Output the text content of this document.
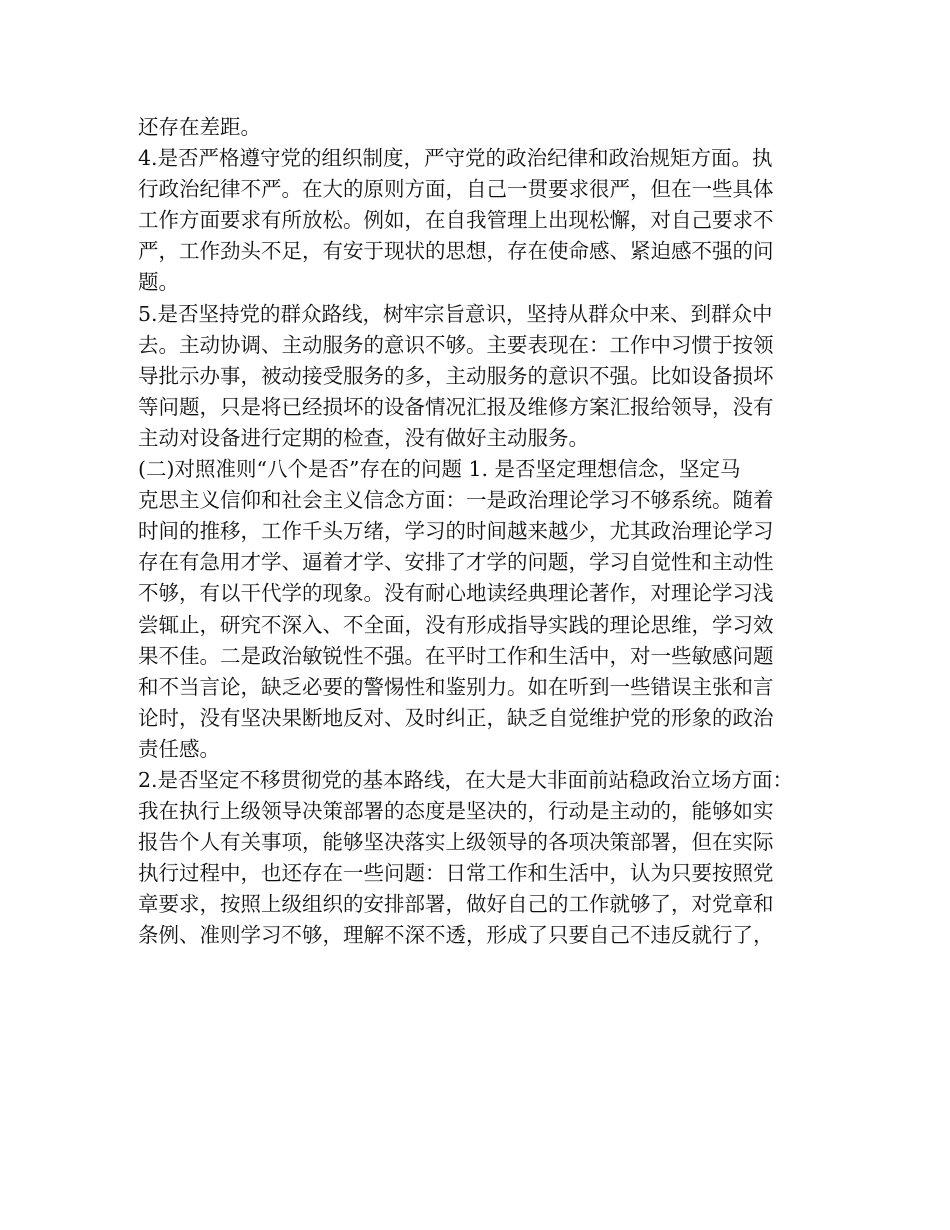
还存在差距。
4.是否严格遵守党的组织制度，严守党的政治纪律和政治规矩方面。执
行政治纪律不严。在大的原则方面，自己一贯要求很严，但在一些具体
工作方面要求有所放松。例如，在自我管理上出现松懈，对自己要求不
严，工作劲头不足，有安于现状的思想，存在使命感、紧迫感不强的问
题。
5.是否坚持党的群众路线，树牢宗旨意识，坚持从群众中来、到群众中
去。主动协调、主动服务的意识不够。主要表现在：工作中习惯于按领
导批示办事，被动接受服务的多，主动服务的意识不强。比如设备损坏
等问题，只是将已经损坏的设备情况汇报及维修方案汇报给领导，没有
主动对设备进行定期的检查，没有做好主动服务。
(二)对照准则“八个是否”存在的问题 1. 是否坚定理想信念，坚定马
克思主义信仰和社会主义信念方面：一是政治理论学习不够系统。随着
时间的推移，工作千头万绪，学习的时间越来越少，尤其政治理论学习
存在有急用才学、逼着才学、安排了才学的问题，学习自觉性和主动性
不够，有以干代学的现象。没有耐心地读经典理论著作，对理论学习浅
尝辄止，研究不深入、不全面，没有形成指导实践的理论思维，学习效
果不佳。二是政治敏锐性不强。在平时工作和生活中，对一些敏感问题
和不当言论，缺乏必要的警惕性和鉴别力。如在听到一些错误主张和言
论时，没有坚决果断地反对、及时纠正，缺乏自觉维护党的形象的政治
责任感。
2.是否坚定不移贯彻党的基本路线，在大是大非面前站稳政治立场方面：
我在执行上级领导决策部署的态度是坚决的，行动是主动的，能够如实
报告个人有关事项，能够坚决落实上级领导的各项决策部署，但在实际
执行过程中，也还存在一些问题：日常工作和生活中，认为只要按照党
章要求，按照上级组织的安排部署，做好自己的工作就够了，对党章和
条例、准则学习不够，理解不深不透，形成了只要自己不违反就行了，
